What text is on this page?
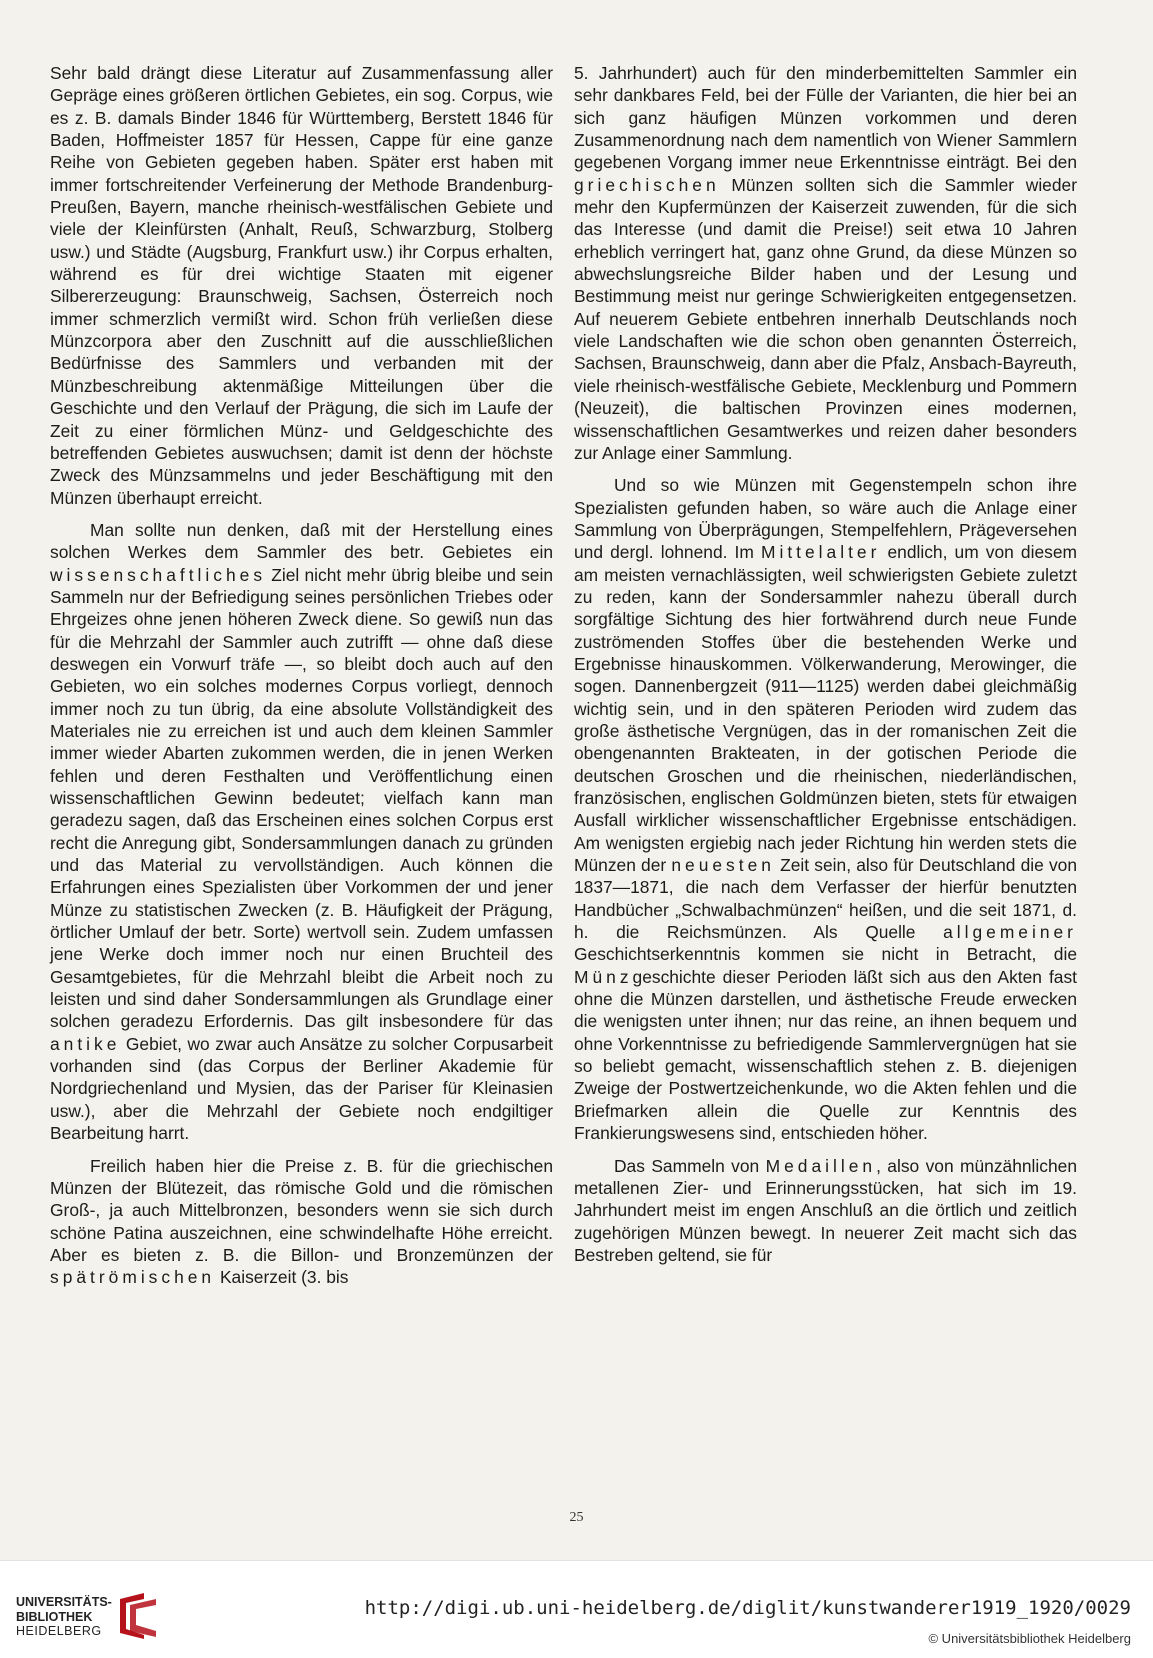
Sehr bald drängt diese Literatur auf Zusammenfassung aller Gepräge eines größeren örtlichen Gebietes, ein sog. Corpus, wie es z. B. damals Binder 1846 für Württemberg, Berstett 1846 für Baden, Hoffmeister 1857 für Hessen, Cappe für eine ganze Reihe von Gebieten gegeben haben. Später erst haben mit immer fortschreitender Verfeinerung der Methode Brandenburg-Preußen, Bayern, manche rheinisch-westfälischen Gebiete und viele der Kleinfürsten (Anhalt, Reuß, Schwarzburg, Stolberg usw.) und Städte (Augsburg, Frankfurt usw.) ihr Corpus erhalten, während es für drei wichtige Staaten mit eigener Silbererzeugung: Braunschweig, Sachsen, Österreich noch immer schmerzlich vermißt wird. Schon früh verließen diese Münzcorpora aber den Zuschnitt auf die ausschließlichen Bedürfnisse des Sammlers und verbanden mit der Münzbeschreibung aktenmäßige Mitteilungen über die Geschichte und den Verlauf der Prägung, die sich im Laufe der Zeit zu einer förmlichen Münz- und Geldgeschichte des betreffenden Gebietes auswuchsen; damit ist denn der höchste Zweck des Münzsammelns und jeder Beschäftigung mit den Münzen überhaupt erreicht.

Man sollte nun denken, daß mit der Herstellung eines solchen Werkes dem Sammler des betr. Gebietes ein wissenschaftliches Ziel nicht mehr übrig bleibe und sein Sammeln nur der Befriedigung seines persönlichen Triebes oder Ehrgeizes ohne jenen höheren Zweck diene. So gewiß nun das für die Mehrzahl der Sammler auch zutrifft — ohne daß diese deswegen ein Vorwurf träfe —, so bleibt doch auch auf den Gebieten, wo ein solches modernes Corpus vorliegt, dennoch immer noch zu tun übrig, da eine absolute Vollständigkeit des Materiales nie zu erreichen ist und auch dem kleinen Sammler immer wieder Abarten zukommen werden, die in jenen Werken fehlen und deren Festhalten und Veröffentlichung einen wissenschaftlichen Gewinn bedeutet; vielfach kann man geradezu sagen, daß das Erscheinen eines solchen Corpus erst recht die Anregung gibt, Sondersammlungen danach zu gründen und das Material zu vervollständigen. Auch können die Erfahrungen eines Spezialisten über Vorkommen der und jener Münze zu statistischen Zwecken (z. B. Häufigkeit der Prägung, örtlicher Umlauf der betr. Sorte) wertvoll sein. Zudem umfassen jene Werke doch immer noch nur einen Bruchteil des Gesamtgebietes, für die Mehrzahl bleibt die Arbeit noch zu leisten und sind daher Sondersammlungen als Grundlage einer solchen geradezu Erfordernis. Das gilt insbesondere für das antike Gebiet, wo zwar auch Ansätze zu solcher Corpusarbeit vorhanden sind (das Corpus der Berliner Akademie für Nordgriechenland und Mysien, das der Pariser für Kleinasien usw.), aber die Mehrzahl der Gebiete noch endgiltiger Bearbeitung harrt.

Freilich haben hier die Preise z. B. für die griechischen Münzen der Blütezeit, das römische Gold und die römischen Groß-, ja auch Mittelbronzen, besonders wenn sie sich durch schöne Patina auszeichnen, eine schwindelhafte Höhe erreicht. Aber es bieten z. B. die Billon- und Bronzemünzen der spätrömischen Kaiserzeit (3. bis

5. Jahrhundert) auch für den minderbemittelten Sammler ein sehr dankbares Feld, bei der Fülle der Varianten, die hier bei an sich ganz häufigen Münzen vorkommen und deren Zusammenordnung nach dem namentlich von Wiener Sammlern gegebenen Vorgang immer neue Erkenntnisse einträgt. Bei den griechischen Münzen sollten sich die Sammler wieder mehr den Kupfermünzen der Kaiserzeit zuwenden, für die sich das Interesse (und damit die Preise!) seit etwa 10 Jahren erheblich verringert hat, ganz ohne Grund, da diese Münzen so abwechslungsreiche Bilder haben und der Lesung und Bestimmung meist nur geringe Schwierigkeiten entgegensetzen. Auf neuerem Gebiete entbehren innerhalb Deutschlands noch viele Landschaften wie die schon oben genannten Österreich, Sachsen, Braunschweig, dann aber die Pfalz, Ansbach-Bayreuth, viele rheinisch-westfälische Gebiete, Mecklenburg und Pommern (Neuzeit), die baltischen Provinzen eines modernen, wissenschaftlichen Gesamtwerkes und reizen daher besonders zur Anlage einer Sammlung.

Und so wie Münzen mit Gegenstempeln schon ihre Spezialisten gefunden haben, so wäre auch die Anlage einer Sammlung von Überprägungen, Stempelfehlern, Prägeversehen und dergl. lohnend. Im Mittelalter endlich, um von diesem am meisten vernachlässigten, weil schwierigsten Gebiete zuletzt zu reden, kann der Sondersammler nahezu überall durch sorgfältige Sichtung des hier fortwährend durch neue Funde zuströmenden Stoffes über die bestehenden Werke und Ergebnisse hinauskommen. Völkerwanderung, Merowinger, die sogen. Dannenbergzeit (911—1125) werden dabei gleichmäßig wichtig sein, und in den späteren Perioden wird zudem das große ästhetische Vergnügen, das in der romanischen Zeit die obengenannten Brakteaten, in der gotischen Periode die deutschen Groschen und die rheinischen, niederländischen, französischen, englischen Goldmünzen bieten, stets für etwaigen Ausfall wirklicher wissenschaftlicher Ergebnisse entschädigen. Am wenigsten ergiebig nach jeder Richtung hin werden stets die Münzen der neuesten Zeit sein, also für Deutschland die von 1837—1871, die nach dem Verfasser der hierfür benutzten Handbücher „Schwalbachmünzen“ heißen, und die seit 1871, d. h. die Reichsmünzen. Als Quelle allgemeiner Geschichtserkenntnis kommen sie nicht in Betracht, die Münzgeschichte dieser Perioden läßt sich aus den Akten fast ohne die Münzen darstellen, und ästhetische Freude erwecken die wenigsten unter ihnen; nur das reine, an ihnen bequem und ohne Vorkenntnisse zu befriedigende Sammlervergnügen hat sie so beliebt gemacht, wissenschaftlich stehen z. B. diejenigen Zweige der Postwertzeichenkunde, wo die Akten fehlen und die Briefmarken allein die Quelle zur Kenntnis des Frankierungswesens sind, entschieden höher.

Das Sammeln von Medaillen, also von münzähnlichen metallenen Zier- und Erinnerungsstücken, hat sich im 19. Jahrhundert meist im engen Anschluß an die örtlich und zeitlich zugehörigen Münzen bewegt. In neuerer Zeit macht sich das Bestreben geltend, sie für

25
UNIVERSITÄTS-
BIBLIOTHEK
HEIDELBERG
http://digi.ub.uni-heidelberg.de/diglit/kunstwanderer1919_1920/0029
© Universitätsbibliothek Heidelberg
